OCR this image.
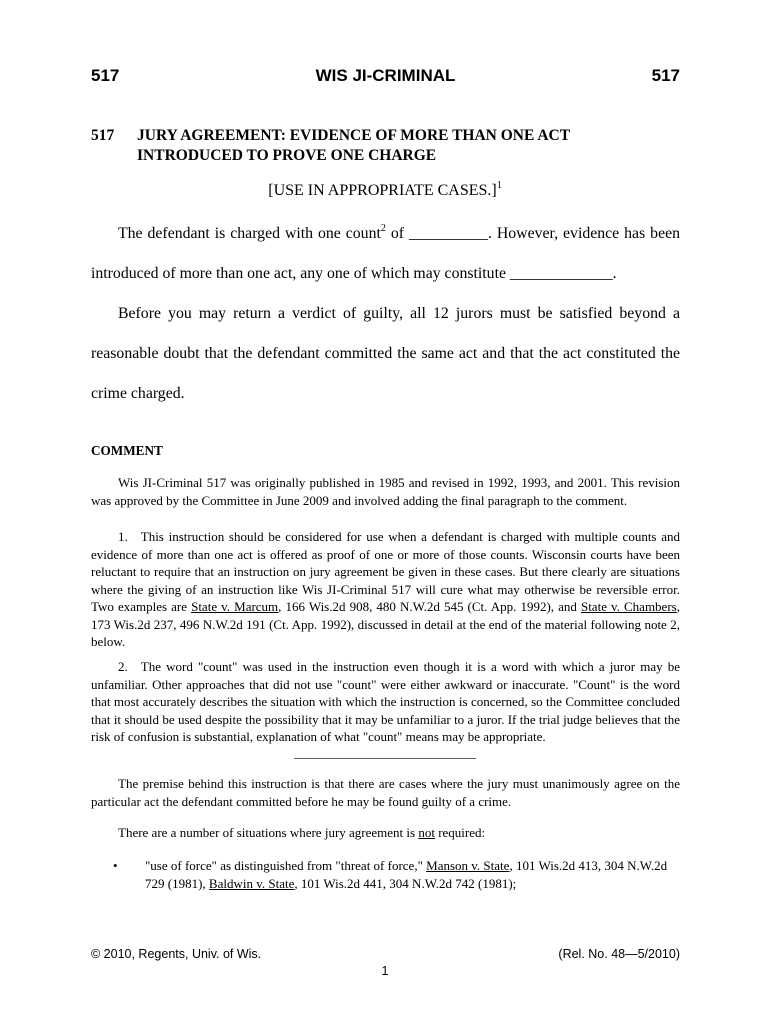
517	WIS JI-CRIMINAL	517
517 JURY AGREEMENT: EVIDENCE OF MORE THAN ONE ACT
INTRODUCED TO PROVE ONE CHARGE
[USE IN APPROPRIATE CASES.]$^1$
The defendant is charged with one count$^2$ of __________. However, evidence has been introduced of more than one act, any one of which may constitute _____________.
Before you may return a verdict of guilty, all 12 jurors must be satisfied beyond a reasonable doubt that the defendant committed the same act and that the act constituted the crime charged.
COMMENT

Wis JI-Criminal 517 was originally published in 1985 and revised in 1992, 1993, and 2001. This revision was approved by the Committee in June 2009 and involved adding the final paragraph to the comment.

1. This instruction should be considered for use when a defendant is charged with multiple counts and evidence of more than one act is offered as proof of one or more of those counts. Wisconsin courts have been reluctant to require that an instruction on jury agreement be given in these cases. But there clearly are situations where the giving of an instruction like Wis JI-Criminal 517 will cure what may otherwise be reversible error. Two examples are State v. Marcum, 166 Wis.2d 908, 480 N.W.2d 545 (Ct. App. 1992), and State v. Chambers, 173 Wis.2d 237, 496 N.W.2d 191 (Ct. App. 1992), discussed in detail at the end of the material following note 2, below.

2. The word "count" was used in the instruction even though it is a word with which a juror may be unfamiliar. Other approaches that did not use "count" were either awkward or inaccurate. "Count" is the word that most accurately describes the situation with which the instruction is concerned, so the Committee concluded that it should be used despite the possibility that it may be unfamiliar to a juror. If the trial judge believes that the risk of confusion is substantial, explanation of what "count" means may be appropriate.

____________________________

The premise behind this instruction is that there are cases where the jury must unanimously agree on the particular act the defendant committed before he may be found guilty of a crime.

There are a number of situations where jury agreement is not required:

• "use of force" as distinguished from "threat of force," Manson v. State, 101 Wis.2d 413, 304 N.W.2d 729 (1981), Baldwin v. State, 101 Wis.2d 441, 304 N.W.2d 742 (1981);
© 2010, Regents, Univ. of Wis.	(Rel. No. 48—5/2010)
1
